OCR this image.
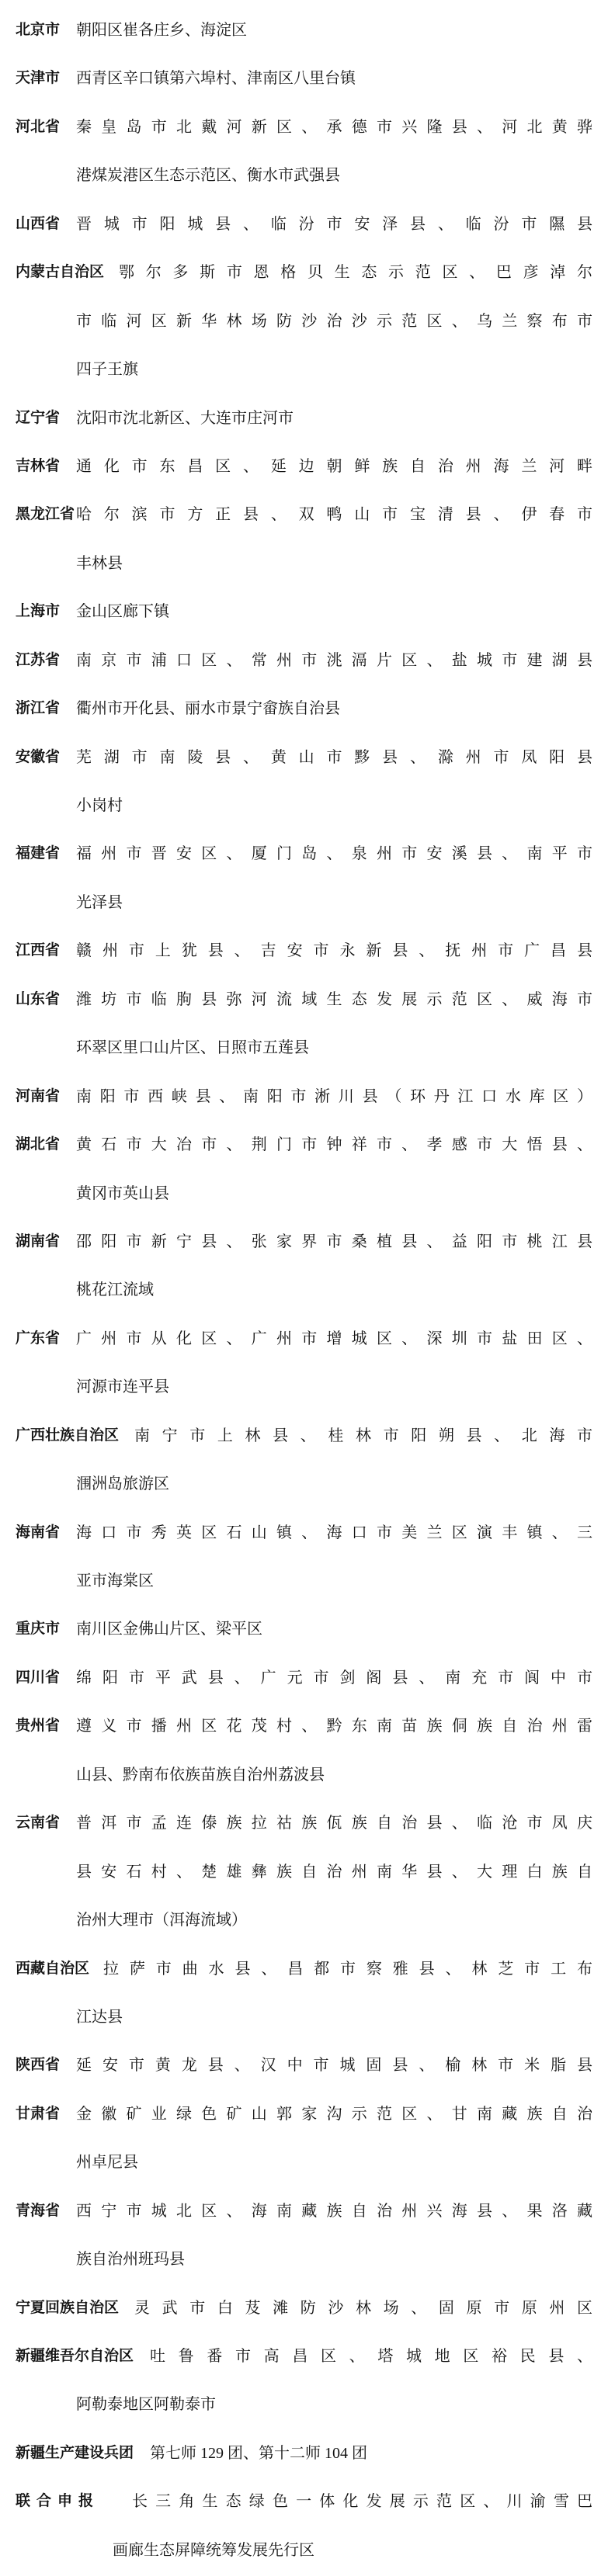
北京市 朝阳区崔各庄乡、海淀区
天津市 西青区辛口镇第六埠村、津南区八里台镇
河北省 秦皇岛市北戴河新区、承德市兴隆县、河北黄骅
港煤炭港区生态示范区、衡水市武强县
山西省 晋城市阳城县、临汾市安泽县、临汾市隰县
内蒙古自治区 鄂尔多斯市恩格贝生态示范区、巴彦淖尔
市临河区新华林场防沙治沙示范区、乌兰察布市
四子王旗
辽宁省 沈阳市沈北新区、大连市庄河市
吉林省 通化市东昌区、延边朝鲜族自治州海兰河畔
黑龙江省 哈尔滨市方正县、双鸭山市宝清县、伊春市
丰林县
上海市 金山区廊下镇
江苏省 南京市浦口区、常州市洮滆片区、盐城市建湖县
浙江省 衢州市开化县、丽水市景宁畲族自治县
安徽省 芜湖市南陵县、黄山市黟县、滁州市凤阳县
小岗村
福建省 福州市晋安区、厦门岛、泉州市安溪县、南平市
光泽县
江西省 赣州市上犹县、吉安市永新县、抚州市广昌县
山东省 潍坊市临朐县弥河流域生态发展示范区、威海市
环翠区里口山片区、日照市五莲县
河南省 南阳市西峡县、南阳市淅川县（环丹江口水库区）
湖北省 黄石市大冶市、荆门市钟祥市、孝感市大悟县、
黄冈市英山县
湖南省 邵阳市新宁县、张家界市桑植县、益阳市桃江县
桃花江流域
广东省 广州市从化区、广州市增城区、深圳市盐田区、
河源市连平县
广西壮族自治区 南宁市上林县、桂林市阳朔县、北海市
涠洲岛旅游区
海南省 海口市秀英区石山镇、海口市美兰区演丰镇、三
亚市海棠区
重庆市 南川区金佛山片区、梁平区
四川省 绵阳市平武县、广元市剑阁县、南充市阆中市
贵州省 遵义市播州区花茂村、黔东南苗族侗族自治州雷
山县、黔南布依族苗族自治州荔波县
云南省 普洱市孟连傣族拉祜族佤族自治县、临沧市凤庆
县安石村、楚雄彝族自治州南华县、大理白族自
治州大理市（洱海流域）
西藏自治区 拉萨市曲水县、昌都市察雅县、林芝市工布
江达县
陕西省 延安市黄龙县、汉中市城固县、榆林市米脂县
甘肃省 金徽矿业绿色矿山郭家沟示范区、甘南藏族自治
州卓尼县
青海省 西宁市城北区、海南藏族自治州兴海县、果洛藏
族自治州班玛县
宁夏回族自治区 灵武市白芨滩防沙林场、固原市原州区
新疆维吾尔自治区	吐鲁番市高昌区、塔城地区裕民县、
阿勒泰地区阿勒泰市
新疆生产建设兵团	第七师 129 团、第十二师 104 团
联合申报	长三角生态绿色一体化发展示范区、川渝雪巴
画廊生态屏障统筹发展先行区
